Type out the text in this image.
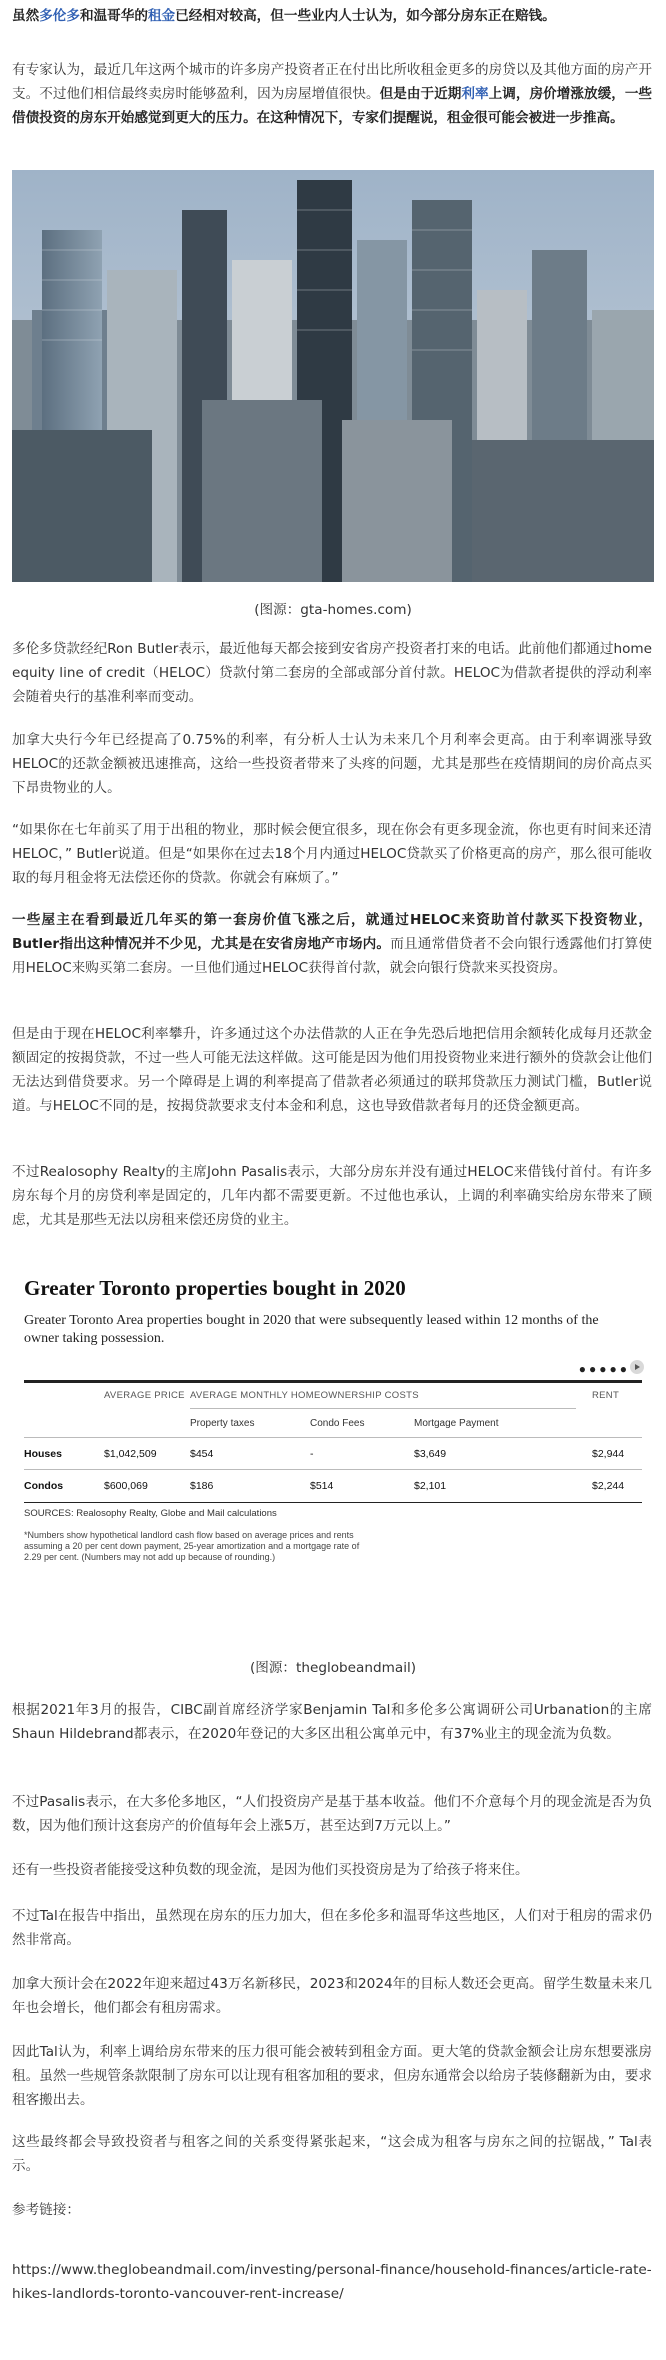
虽然多伦多和温哥华的租金已经相对较高，但一些业内人士认为，如今部分房东正在赔钱。

有专家认为，最近几年这两个城市的许多房产投资者正在付出比所收租金更多的房贷以及其他方面的房产开支。不过他们相信最终卖房时能够盈利，因为房屋增值很快。但是由于近期利率上调，房价增涨放缓，一些借债投资的房东开始感觉到更大的压力。在这种情况下，专家们提醒说，租金很可能会被进一步推高。

(图源：gta-homes.com)

多伦多贷款经纪Ron Butler表示，最近他每天都会接到安省房产投资者打来的电话。此前他们都通过home equity line of credit（HELOC）贷款付第二套房的全部或部分首付款。HELOC为借款者提供的浮动利率会随着央行的基准利率而变动。

加拿大央行今年已经提高了0.75%的利率，有分析人士认为未来几个月利率会更高。由于利率调涨导致HELOC的还款金额被迅速推高，这给一些投资者带来了头疼的问题，尤其是那些在疫情期间的房价高点买下昂贵物业的人。

“如果你在七年前买了用于出租的物业，那时候会便宜很多，现在你会有更多现金流，你也更有时间来还清HELOC，” Butler说道。但是“如果你在过去18个月内通过HELOC贷款买了价格更高的房产，那么很可能收取的每月租金将无法偿还你的贷款。你就会有麻烦了。”

一些屋主在看到最近几年买的第一套房价值飞涨之后，就通过HELOC来资助首付款买下投资物业，Butler指出这种情况并不少见，尤其是在安省房地产市场内。而且通常借贷者不会向银行透露他们打算使用HELOC来购买第二套房。一旦他们通过HELOC获得首付款，就会向银行贷款来买投资房。

但是由于现在HELOC利率攀升，许多通过这个办法借款的人正在争先恐后地把信用余额转化成每月还款金额固定的按揭贷款，不过一些人可能无法这样做。这可能是因为他们用投资物业来进行额外的贷款会让他们无法达到借贷要求。另一个障碍是上调的利率提高了借款者必须通过的联邦贷款压力测试门槛，Butler说道。与HELOC不同的是，按揭贷款要求支付本金和利息，这也导致借款者每月的还贷金额更高。

不过Realosophy Realty的主席John Pasalis表示，大部分房东并没有通过HELOC来借钱付首付。有许多房东每个月的房贷利率是固定的，几年内都不需要更新。不过他也承认，上调的利率确实给房东带来了顾虑，尤其是那些无法以房租来偿还房贷的业主。

Greater Toronto properties bought in 2020
Greater Toronto Area properties bought in 2020 that were subsequently leased within 12 months of the owner taking possession.
●●●●●
AVERAGE PRICE AVERAGE MONTHLY HOMEOWNERSHIP COSTS	RENT
Property taxes	Condo Fees	Mortgage Payment
Houses	$1,042,509	$454	-	$3,649	$2,944
Condos	$600,069	$186	$514	$2,101	$2,244
SOURCES: Realosophy Realty, Globe and Mail calculations
*Numbers show hypothetical landlord cash flow based on average prices and rents assuming a 20 per cent down payment, 25-year amortization and a mortgage rate of 2.29 per cent. (Numbers may not add up because of rounding.)
(图源：theglobeandmail)

根据2021年3月的报告，CIBC副首席经济学家Benjamin Tal和多伦多公寓调研公司Urbanation的主席Shaun Hildebrand都表示，在2020年登记的大多区出租公寓单元中，有37%业主的现金流为负数。

不过Pasalis表示，在大多伦多地区，“人们投资房产是基于基本收益。他们不介意每个月的现金流是否为负数，因为他们预计这套房产的价值每年会上涨5万，甚至达到7万元以上。”

还有一些投资者能接受这种负数的现金流，是因为他们买投资房是为了给孩子将来住。

不过Tal在报告中指出，虽然现在房东的压力加大，但在多伦多和温哥华这些地区，人们对于租房的需求仍然非常高。

加拿大预计会在2022年迎来超过43万名新移民，2023和2024年的目标人数还会更高。留学生数量未来几年也会增长，他们都会有租房需求。

因此Tal认为，利率上调给房东带来的压力很可能会被转到租金方面。更大笔的贷款金额会让房东想要涨房租。虽然一些规管条款限制了房东可以让现有租客加租的要求，但房东通常会以给房子装修翻新为由，要求租客搬出去。

这些最终都会导致投资者与租客之间的关系变得紧张起来，“这会成为租客与房东之间的拉锯战，” Tal表示。

参考链接：

https://www.theglobeandmail.com/investing/personal-finance/household-finances/article-rate-hikes-landlords-toronto-vancouver-rent-increase/
